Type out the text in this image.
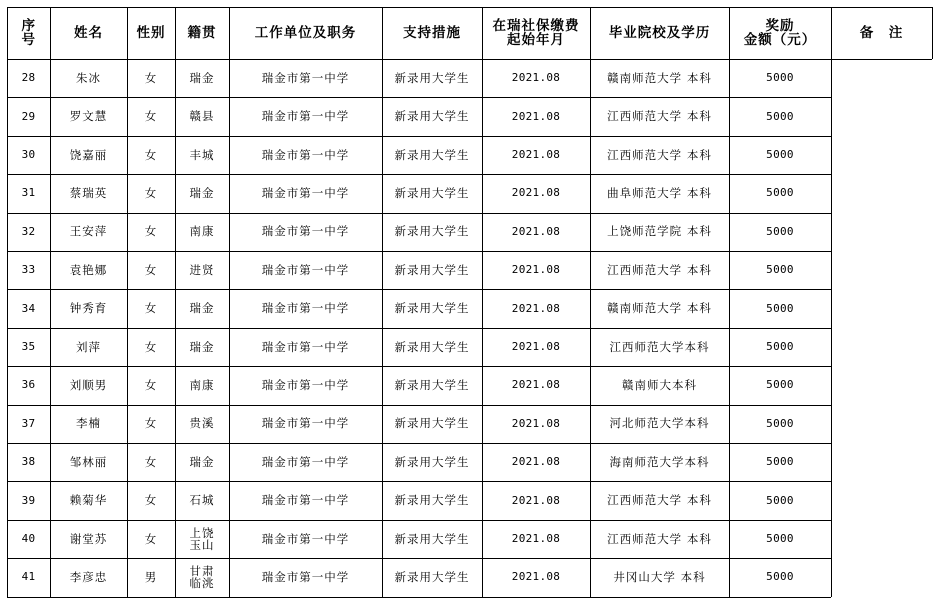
序号	姓名	性别	籍贯	工作单位及职务	支持措施	在瑞社保缴费
起始年月	毕业院校及学历	奖励
金额（元）	备　注
28	朱冰	女	瑞金	瑞金市第一中学	新录用大学生	2021.08	赣南师范大学 本科	5000
29	罗文慧	女	赣县	瑞金市第一中学	新录用大学生	2021.08	江西师范大学 本科	5000
30	饶嘉丽	女	丰城	瑞金市第一中学	新录用大学生	2021.08	江西师范大学 本科	5000
31	蔡瑞英	女	瑞金	瑞金市第一中学	新录用大学生	2021.08	曲阜师范大学 本科	5000
32	王安萍	女	南康	瑞金市第一中学	新录用大学生	2021.08	上饶师范学院 本科	5000
33	袁艳娜	女	进贤	瑞金市第一中学	新录用大学生	2021.08	江西师范大学 本科	5000
34	钟秀育	女	瑞金	瑞金市第一中学	新录用大学生	2021.08	赣南师范大学 本科	5000
35	刘萍	女	瑞金	瑞金市第一中学	新录用大学生	2021.08	江西师范大学本科	5000
36	刘顺男	女	南康	瑞金市第一中学	新录用大学生	2021.08	赣南师大本科	5000
37	李楠	女	贵溪	瑞金市第一中学	新录用大学生	2021.08	河北师范大学本科	5000
38	邹林丽	女	瑞金	瑞金市第一中学	新录用大学生	2021.08	海南师范大学本科	5000
39	赖菊华	女	石城	瑞金市第一中学	新录用大学生	2021.08	江西师范大学 本科	5000
40	谢堂苏	女	上饶
玉山	瑞金市第一中学	新录用大学生	2021.08	江西师范大学 本科	5000
41	李彦忠	男	甘肃
临洮	瑞金市第一中学	新录用大学生	2021.08	井冈山大学 本科	5000
